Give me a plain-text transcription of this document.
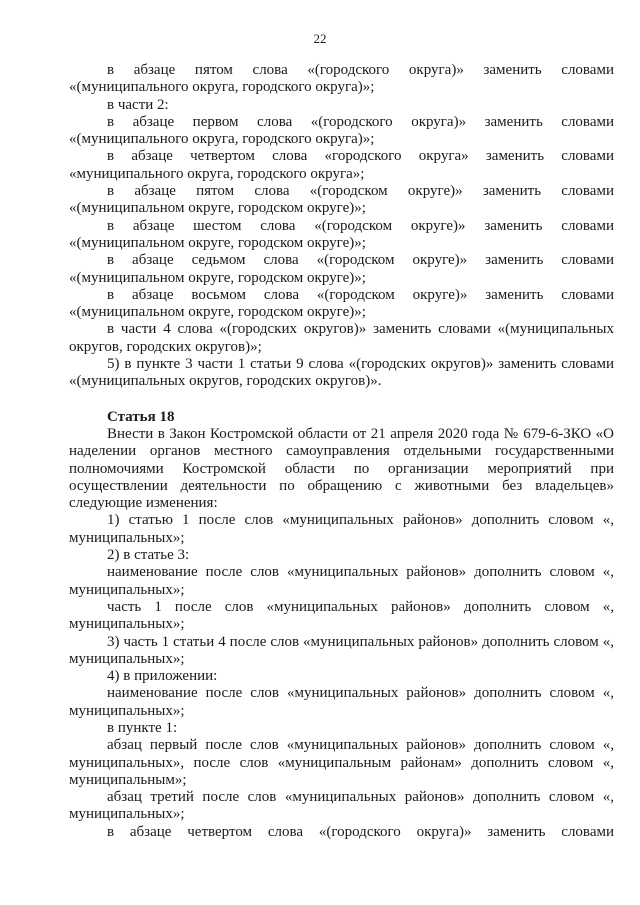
22

в абзаце пятом слова «(городского округа)» заменить словами «(муниципального округа, городского округа)»;

в части 2:

в абзаце первом слова «(городского округа)» заменить словами «(муниципального округа, городского округа)»;

в абзаце четвертом слова «городского округа» заменить словами «муниципального округа, городского округа»;

в абзаце пятом слова «(городском округе)» заменить словами «(муниципальном округе, городском округе)»;

в абзаце шестом слова «(городском округе)» заменить словами «(муниципальном округе, городском округе)»;

в абзаце седьмом слова «(городском округе)» заменить словами «(муниципальном округе, городском округе)»;

в абзаце восьмом слова «(городском округе)» заменить словами «(муниципальном округе, городском округе)»;

в части 4 слова «(городских округов)» заменить словами «(муниципальных округов, городских округов)»;

5) в пункте 3 части 1 статьи 9 слова «(городских округов)» заменить словами «(муниципальных округов, городских округов)».

Статья 18

Внести в Закон Костромской области от 21 апреля 2020 года № 679-6-ЗКО «О наделении органов местного самоуправления отдельными государственными полномочиями Костромской области по организации мероприятий при осуществлении деятельности по обращению с животными без владельцев» следующие изменения:

1) статью 1 после слов «муниципальных районов» дополнить словом «, муниципальных»;

2) в статье 3:

наименование после слов «муниципальных районов» дополнить словом «, муниципальных»;

часть 1 после слов «муниципальных районов» дополнить словом «, муниципальных»;

3) часть 1 статьи 4 после слов «муниципальных районов» дополнить словом «, муниципальных»;

4) в приложении:

наименование после слов «муниципальных районов» дополнить словом «, муниципальных»;

в пункте 1:

абзац первый после слов «муниципальных районов» дополнить словом «, муниципальных», после слов «муниципальным районам» дополнить словом «, муниципальным»;

абзац третий после слов «муниципальных районов» дополнить словом «, муниципальных»;

в абзаце четвертом слова «(городского округа)» заменить словами
